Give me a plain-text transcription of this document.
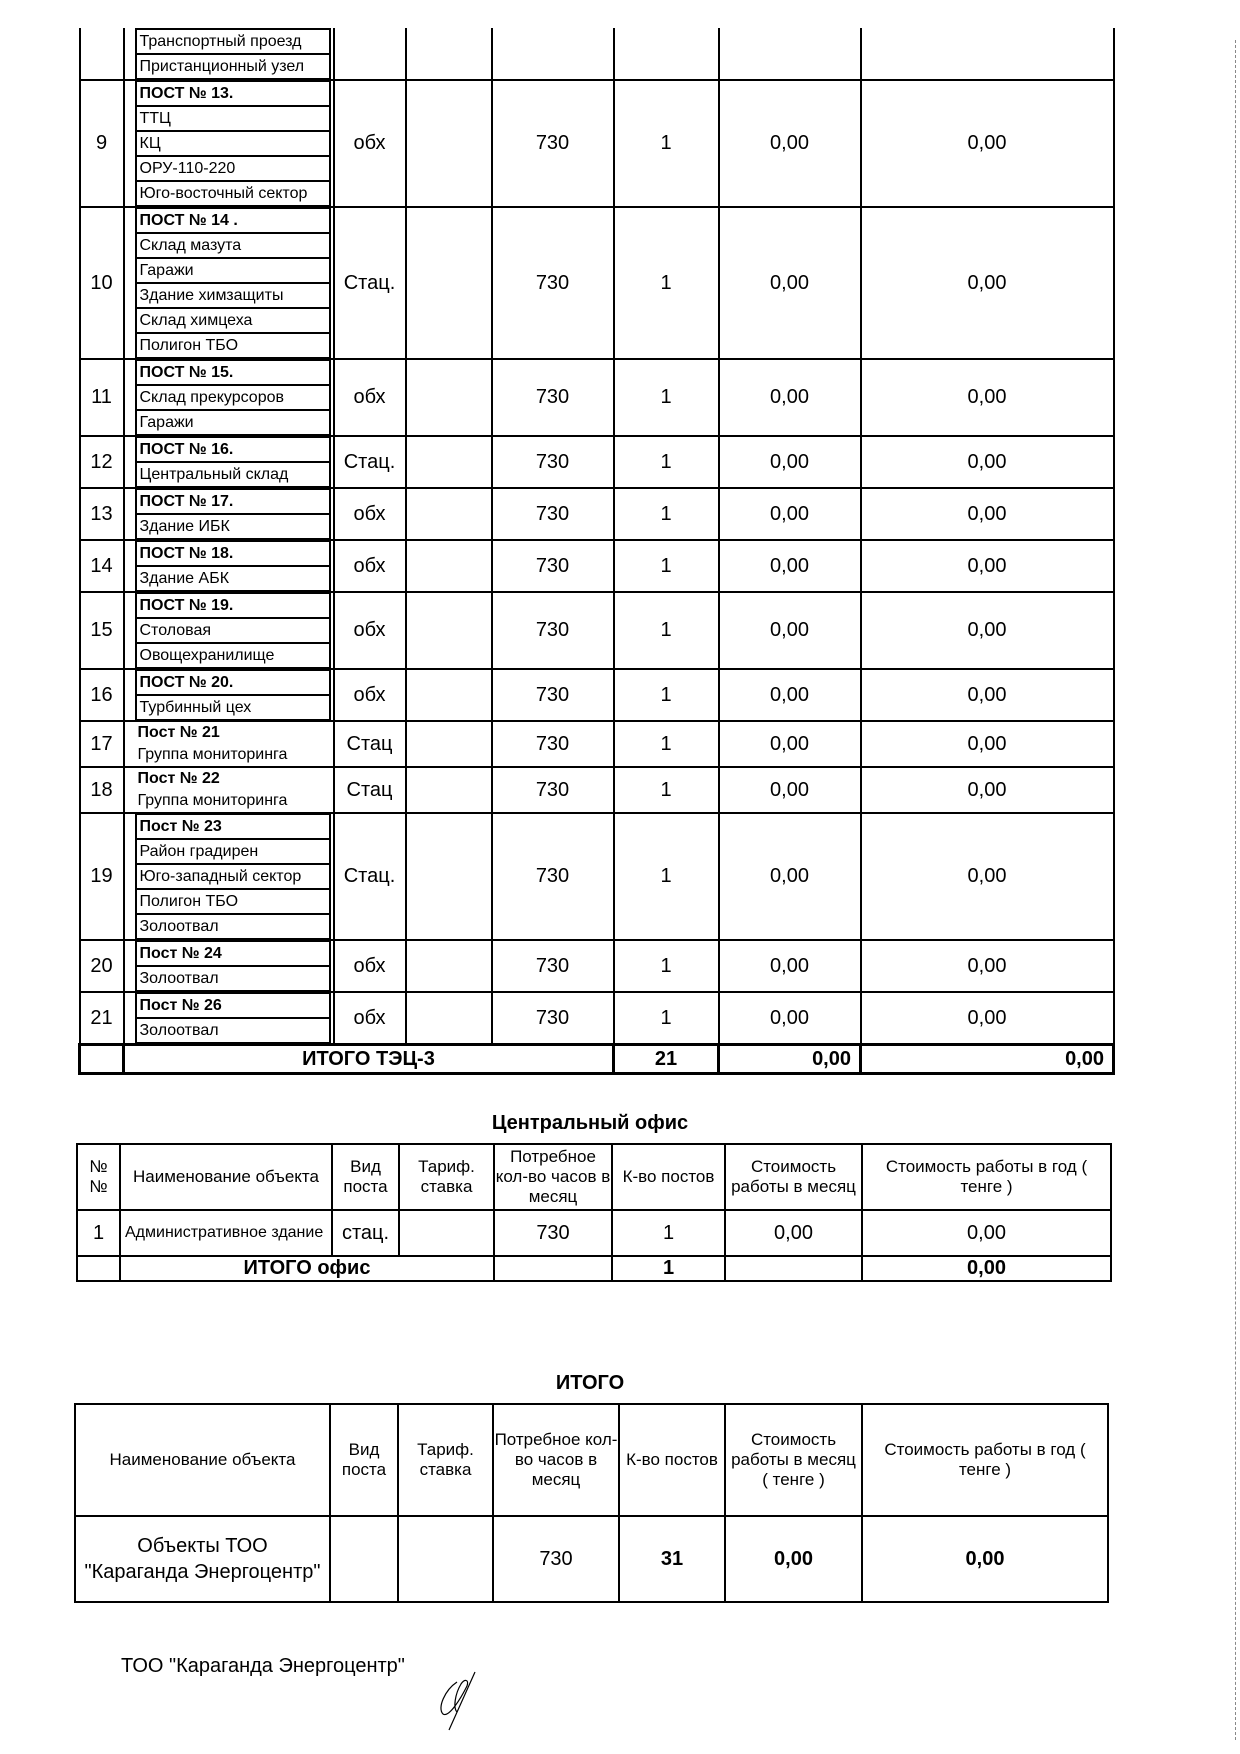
	Транспортный проезд
Пристанционный узел

9	ПОСТ № 13.
ТТЦ
КЦ
ОРУ-110-220
Юго-восточный сектор	обх		730	1	0,00	0,00
10	
ПОСТ № 14 .
Склад мазута
Гаражи
Здание химзащиты
Склад химцеха
Полигон ТБО
	Стац.		730	1	0,00	0,00
11	ПОСТ № 15.
Склад прекурсоров
Гаражи	обх		730	1	0,00	0,00
12	ПОСТ № 16.
Центральный склад	Стац.		730	1	0,00	0,00
13	ПОСТ № 17.
Здание ИБК	обх		730	1	0,00	0,00
14	ПОСТ № 18.
Здание АБК	обх		730	1	0,00	0,00
15	ПОСТ № 19.
Столовая
Овощехранилище	обх		730	1	0,00	0,00
16	ПОСТ № 20.
Турбинный цех	обх		730	1	0,00	0,00
17	Пост № 21
Группа мониторинга	Стац		730	1	0,00	0,00
18	Пост № 22
Группа мониторинга	Стац		730	1	0,00	0,00
19	Пост № 23
Район градирен
Юго-западный сектор
Полигон ТБО
Золоотвал	Стац.		730	1	0,00	0,00
20	Пост № 24
Золоотвал	обх		730	1	0,00	0,00
21	Пост № 26
Золоотвал	обх		730	1	0,00	0,00
	ИТОГО ТЭЦ-3				21	0,00	0,00
Центральный офис
№ №	Наименование объекта	Вид поста	Тариф. ставка	Потребное кол-во часов в месяц	К-во постов	Стоимость работы в месяц	Стоимость работы в год ( тенге )
1	Административное здание	стац.		730	1	0,00	0,00
	ИТОГО офис				1		0,00
ИТОГО
Наименование объекта	Вид поста	Тариф. ставка	Потребное кол-во часов в месяц	К-во постов	Стоимость работы в месяц ( тенге )	Стоимость работы в год ( тенге )

Объекты ТОО
"Караганда Энергоцентр"			730	31	0,00	0,00
ТОО "Караганда Энергоцентр"
